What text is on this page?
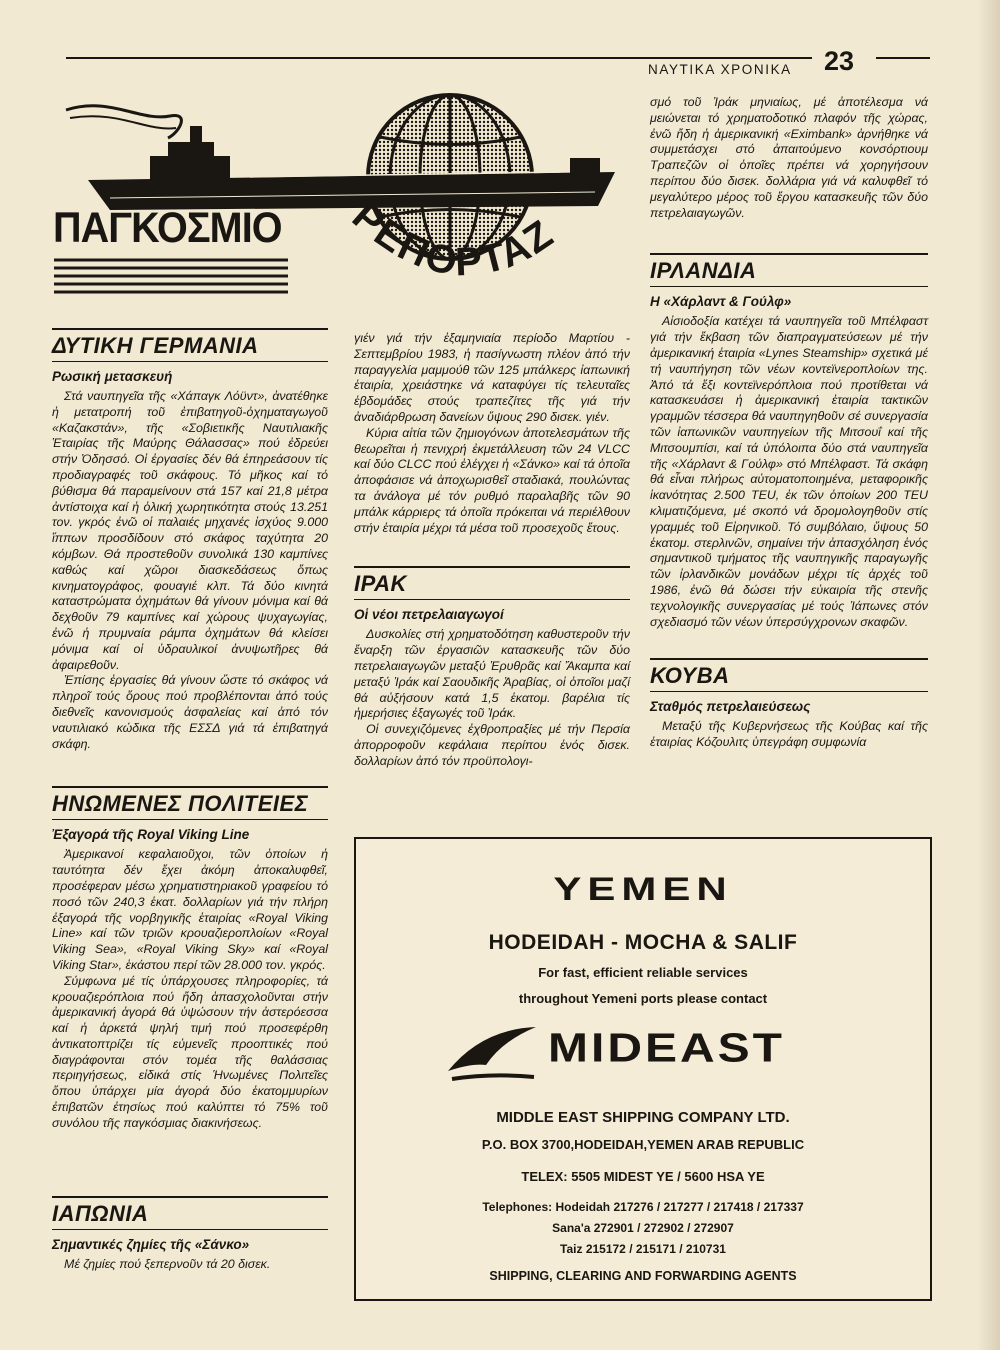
ΝΑΥΤΙΚΑ ΧΡΟΝΙΚΑ 23
ΠΑΓΚΟΣΜΙΟ ΡΕΠΟΡΤΑΖ
ΔΥΤΙΚΗ ΓΕΡΜΑΝΙΑ
Ρωσική μετασκευή

Στά ναυπηγεῖα τῆς «Χάπαγκ Λόϋντ», ἀνατέθηκε ἡ μετατροπή τοῦ ἐπιβατηγοῦ-ὀχηματαγωγοῦ «Καζακστάν», τῆς «Σοβιετικῆς Ναυτιλιακῆς Ἑταιρίας τῆς Μαύρης Θάλασσας» πού ἐδρεύει στήν Ὀδησσό. Οἱ ἐργασίες δέν θά ἐπηρεάσουν τίς προδιαγραφές τοῦ σκάφους. Τό μῆκος καί τό βύθισμα θά παραμείνουν στά 157 καί 21,8 μέτρα ἀντίστοιχα καί ἡ ὁλική χωρητικότητα στούς 13.251 τον. γκρός ἐνῶ οἱ παλαιές μηχανές ἰσχύος 9.000 ἵππων προσδίδουν στό σκάφος ταχύτητα 20 κόμβων. Θά προστεθοῦν συνολικά 130 καμπίνες καθώς καί χῶροι διασκεδάσεως ὅπως κινηματογράφος, φουαγιέ κλπ. Τά δύο κινητά καταστρώματα ὀχημάτων θά γίνουν μόνιμα καί θά δεχθοῦν 79 καμπίνες καί χώρους ψυχαγωγίας, ἐνῶ ἡ πρυμναία ράμπα ὀχημάτων θά κλείσει μόνιμα καί οἱ ὑδραυλικοί ἀνυψωτῆρες θά ἀφαιρεθοῦν.

Ἐπίσης ἐργασίες θά γίνουν ὥστε τό σκάφος νά πληροῖ τούς ὅρους πού προβλέπονται ἀπό τούς διεθνεῖς κανονισμούς ἀσφαλείας καί ἀπό τόν ναυτιλιακό κώδικα τῆς ΕΣΣΔ γιά τά ἐπιβατηγά σκάφη.

ΗΝΩΜΕΝΕΣ ΠΟΛΙΤΕΙΕΣ
Ἐξαγορά τῆς Royal Viking Line

Ἀμερικανοί κεφαλαιοῦχοι, τῶν ὁποίων ἡ ταυτότητα δέν ἔχει ἀκόμη ἀποκαλυφθεῖ, προσέφεραν μέσω χρηματιστηριακοῦ γραφείου τό ποσό τῶν 240,3 ἑκατ. δολλαρίων γιά τήν πλήρη ἐξαγορά τῆς νορβηγικῆς ἑταιρίας «Royal Viking Line» καί τῶν τριῶν κρουαζιεροπλοίων «Royal Viking Sea», «Royal Viking Sky» καί «Royal Viking Star», ἑκάστου περί τῶν 28.000 τον. γκρός.

Σύμφωνα μέ τίς ὑπάρχουσες πληροφορίες, τά κρουαζιερόπλοια πού ἤδη ἀπασχολοῦνται στήν ἀμερικανική ἀγορά θά ὑψώσουν τήν ἀστερόεσσα καί ἡ ἀρκετά ψηλή τιμή πού προσεφέρθη ἀντικατοπτρίζει τίς εὐμενεῖς προοπτικές πού διαγράφονται στόν τομέα τῆς θαλάσσιας περιηγήσεως, εἰδικά στίς Ἡνωμένες Πολιτεῖες ὅπου ὑπάρχει μία ἀγορά δύο ἑκατομμυρίων ἐπιβατῶν ἐτησίως πού καλύπτει τό 75% τοῦ συνόλου τῆς παγκόσμιας διακινήσεως.

ΙΑΠΩΝΙΑ
Σημαντικές ζημίες τῆς «Σάνκο»

Μέ ζημίες πού ξεπερνοῦν τά 20 δισεκ.

γιέν γιά τήν ἑξαμηνιαία περίοδο Μαρτίου - Σεπτεμβρίου 1983, ἡ πασίγνωστη πλέον ἀπό τήν παραγγελία μαμμούθ τῶν 125 μπάλκερς ἰαπωνική ἑταιρία, χρειάστηκε νά καταφύγει τίς τελευταῖες ἑβδομάδες στούς τραπεζίτες τῆς γιά τήν ἀναδιάρθρωση δανείων ὕψους 290 δισεκ. γιέν.

Κύρια αἰτία τῶν ζημιογόνων ἀποτελεσμάτων τῆς θεωρεῖται ἡ πενιχρή ἐκμετάλλευση τῶν 24 VLCC καί δύο CLCC πού ἐλέγχει ἡ «Σάνκο» καί τά ὁποῖα ἀποφάσισε νά ἀποχωρισθεῖ σταδιακά, πουλώντας τα ἀνάλογα μέ τόν ρυθμό παραλαβῆς τῶν 90 μπάλκ κάρριερς τά ὁποῖα πρόκειται νά περιέλθουν στήν ἑταιρία μέχρι τά μέσα τοῦ προσεχοῦς ἔτους.

ΙΡΑΚ
Οἱ νέοι πετρελαιαγωγοί

Δυσκολίες στή χρηματοδότηση καθυστεροῦν τήν ἔναρξη τῶν ἐργασιῶν κατασκευῆς τῶν δύο πετρελαιαγωγῶν μεταξύ Ἐρυθρᾶς καί Ἄκαμπα καί μεταξύ Ἰράκ καί Σαουδικῆς Ἀραβίας, οἱ ὁποῖοι μαζί θά αὐξήσουν κατά 1,5 ἑκατομ. βαρέλια τίς ἡμερήσιες ἐξαγωγές τοῦ Ἰράκ.

Οἱ συνεχιζόμενες ἐχθροπραξίες μέ τήν Περσία ἀπορροφοῦν κεφάλαια περίπου ἑνός δισεκ. δολλαρίων ἀπό τόν προϋπολογι-

σμό τοῦ Ἰράκ μηνιαίως, μέ ἀποτέλεσμα νά μειώνεται τό χρηματοδοτικό πλαφόν τῆς χώρας, ἐνῶ ἤδη ἡ ἀμερικανική «Eximbank» ἀρνήθηκε νά συμμετάσχει στό ἀπαιτούμενο κονσόρτιουμ Τραπεζῶν οἱ ὁποῖες πρέπει νά χορηγήσουν περίπου δύο δισεκ. δολλάρια γιά νά καλυφθεῖ τό μεγαλύτερο μέρος τοῦ ἔργου κατασκευῆς τῶν δύο πετρελαιαγωγῶν.

ΙΡΛΑΝΔΙΑ
Η «Χάρλαντ & Γούλφ»

Αἰσιοδοξία κατέχει τά ναυπηγεῖα τοῦ Μπέλφαστ γιά τήν ἔκβαση τῶν διαπραγματεύσεων μέ τήν ἀμερικανική ἑταιρία «Lynes Steamship» σχετικά μέ τή ναυπήγηση τῶν νέων κοντεϊνεροπλοίων της. Ἀπό τά ἕξι κοντεϊνερόπλοια πού προτίθεται νά κατασκευάσει ἡ ἀμερικανική ἑταιρία τακτικῶν γραμμῶν τέσσερα θά ναυπηγηθοῦν σέ συνεργασία τῶν ἰαπωνικῶν ναυπηγείων τῆς Μιτσουΐ καί τῆς Μιτσουμπίσι, καί τά ὑπόλοιπα δύο στά ναυπηγεῖα τῆς «Χάρλαντ & Γούλφ» στό Μπέλφαστ. Τά σκάφη θά εἶναι πλήρως αὐτοματοποιημένα, μεταφορικῆς ἱκανότητας 2.500 TEU, ἐκ τῶν ὁποίων 200 TEU κλιματιζόμενα, μέ σκοπό νά δρομολογηθοῦν στίς γραμμές τοῦ Εἰρηνικοῦ. Τό συμβόλαιο, ὕψους 50 ἑκατομ. στερλινῶν, σημαίνει τήν ἀπασχόληση ἑνός σημαντικοῦ τμήματος τῆς ναυπηγικῆς παραγωγῆς τῶν ἰρλανδικῶν μονάδων μέχρι τίς ἀρχές τοῦ 1986, ἐνῶ θά δώσει τήν εὐκαιρία τῆς στενῆς τεχνολογικῆς συνεργασίας μέ τούς Ἰάπωνες στόν σχεδιασμό τῶν νέων ὑπερσύγχρονων σκαφῶν.

ΚΟΥΒΑ
Σταθμός πετρελαιεύσεως

Μεταξύ τῆς Κυβερνήσεως τῆς Κούβας καί τῆς ἑταιρίας Κόζουλιτς ὑπεγράφη συμφωνία

YEMEN
HODEIDAH - MOCHA & SALIF
For fast, efficient reliable services
throughout Yemeni ports please contact
MIDEAST
MIDDLE EAST SHIPPING COMPANY LTD.
P.O. BOX 3700,HODEIDAH,YEMEN ARAB REPUBLIC
TELEX: 5505 MIDEST YE / 5600 HSA YE
Telephones: Hodeidah 217276 / 217277 / 217418 / 217337
Sana'a 272901 / 272902 / 272907
Taiz 215172 / 215171 / 210731
SHIPPING, CLEARING AND FORWARDING AGENTS
